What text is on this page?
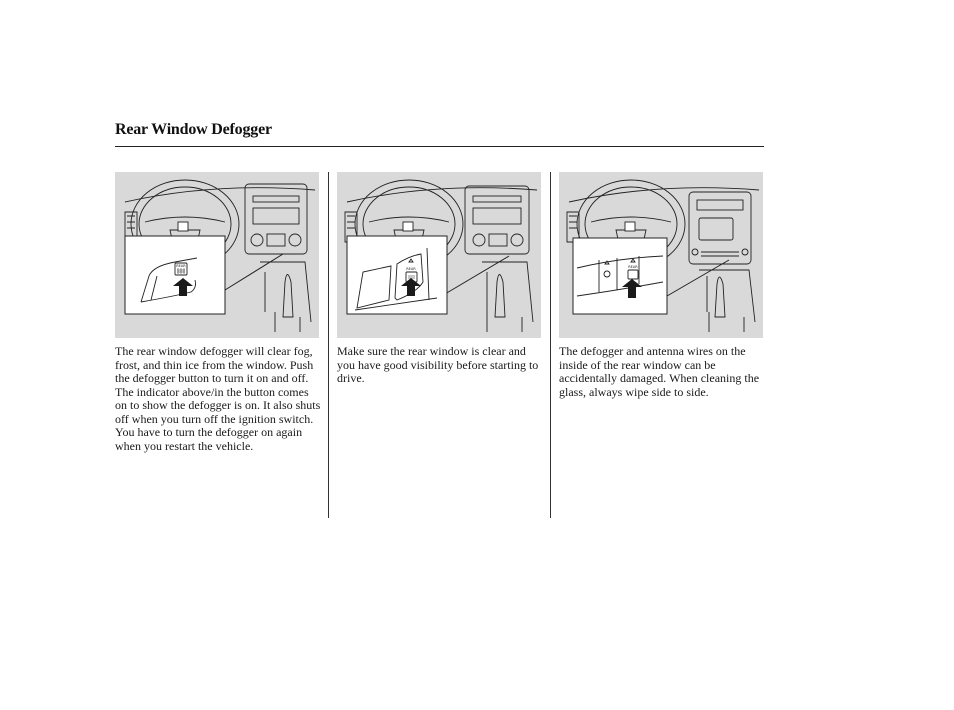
Rear Window Defogger
REAR
REAR	REAR
The rear window defogger will clear fog, frost, and thin ice from the window. Push the defogger button to turn it on and off. The indicator above/in the button comes on to show the defogger is on. It also shuts off when you turn off the ignition switch. You have to turn the defogger on again when you restart the vehicle.
Make sure the rear window is clear and you have good visibility before starting to drive.
The defogger and antenna wires on the inside of the rear window can be accidentally damaged. When cleaning the glass, always wipe side to side.
